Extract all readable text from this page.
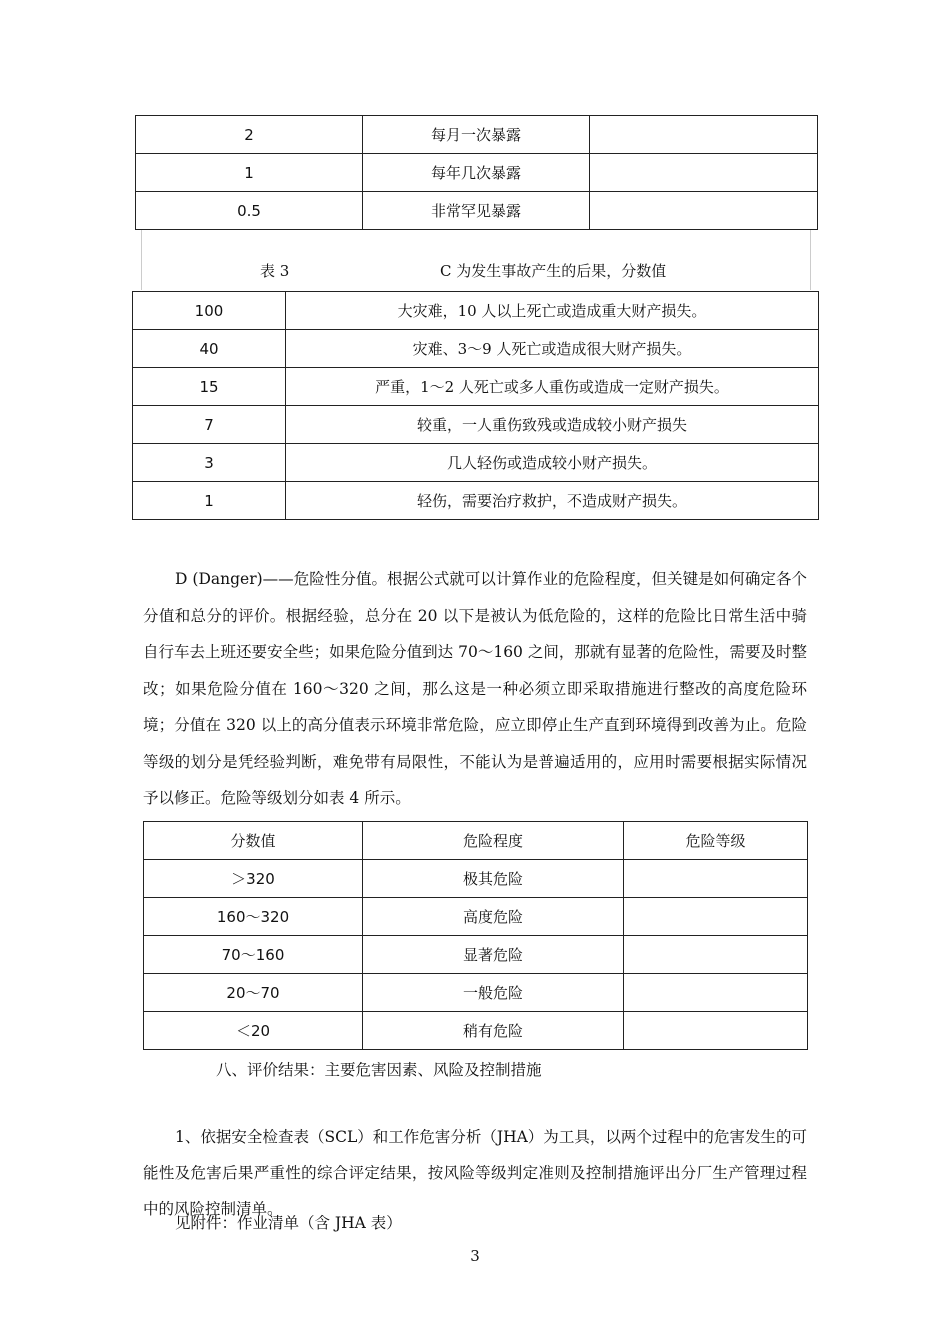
2	每月一次暴露	
1	每年几次暴露	
0.5	非常罕见暴露	
表 3	C 为发生事故产生的后果，分数值
100	大灾难，10 人以上死亡或造成重大财产损失。
40	灾难、3～9 人死亡或造成很大财产损失。
15	严重，1～2 人死亡或多人重伤或造成一定财产损失。
7	较重，一人重伤致残或造成较小财产损失
3	几人轻伤或造成较小财产损失。
1	轻伤，需要治疗救护，不造成财产损失。

D (Danger)——危险性分值。根据公式就可以计算作业的危险程度，但关键是如何确定各个分值和总分的评价。根据经验，总分在 20 以下是被认为低危险的，这样的危险比日常生活中骑自行车去上班还要安全些；如果危险分值到达 70～160 之间，那就有显著的危险性，需要及时整改；如果危险分值在 160～320 之间，那么这是一种必须立即采取措施进行整改的高度危险环境；分值在 320 以上的高分值表示环境非常危险，应立即停止生产直到环境得到改善为止。危险等级的划分是凭经验判断，难免带有局限性，不能认为是普遍适用的，应用时需要根据实际情况予以修正。危险等级划分如表 4 所示。

分数值	危险程度	危险等级
＞320	极其危险	
160～320	高度危险	
70～160	显著危险	
20～70	一般危险	
＜20	稍有危险	
八、评价结果：主要危害因素、风险及控制措施

1、依据安全检查表（SCL）和工作危害分析（JHA）为工具，以两个过程中的危害发生的可能性及危害后果严重性的综合评定结果，按风险等级判定准则及控制措施评出分厂生产管理过程中的风险控制清单。

见附件：作业清单（含 JHA 表）
3
